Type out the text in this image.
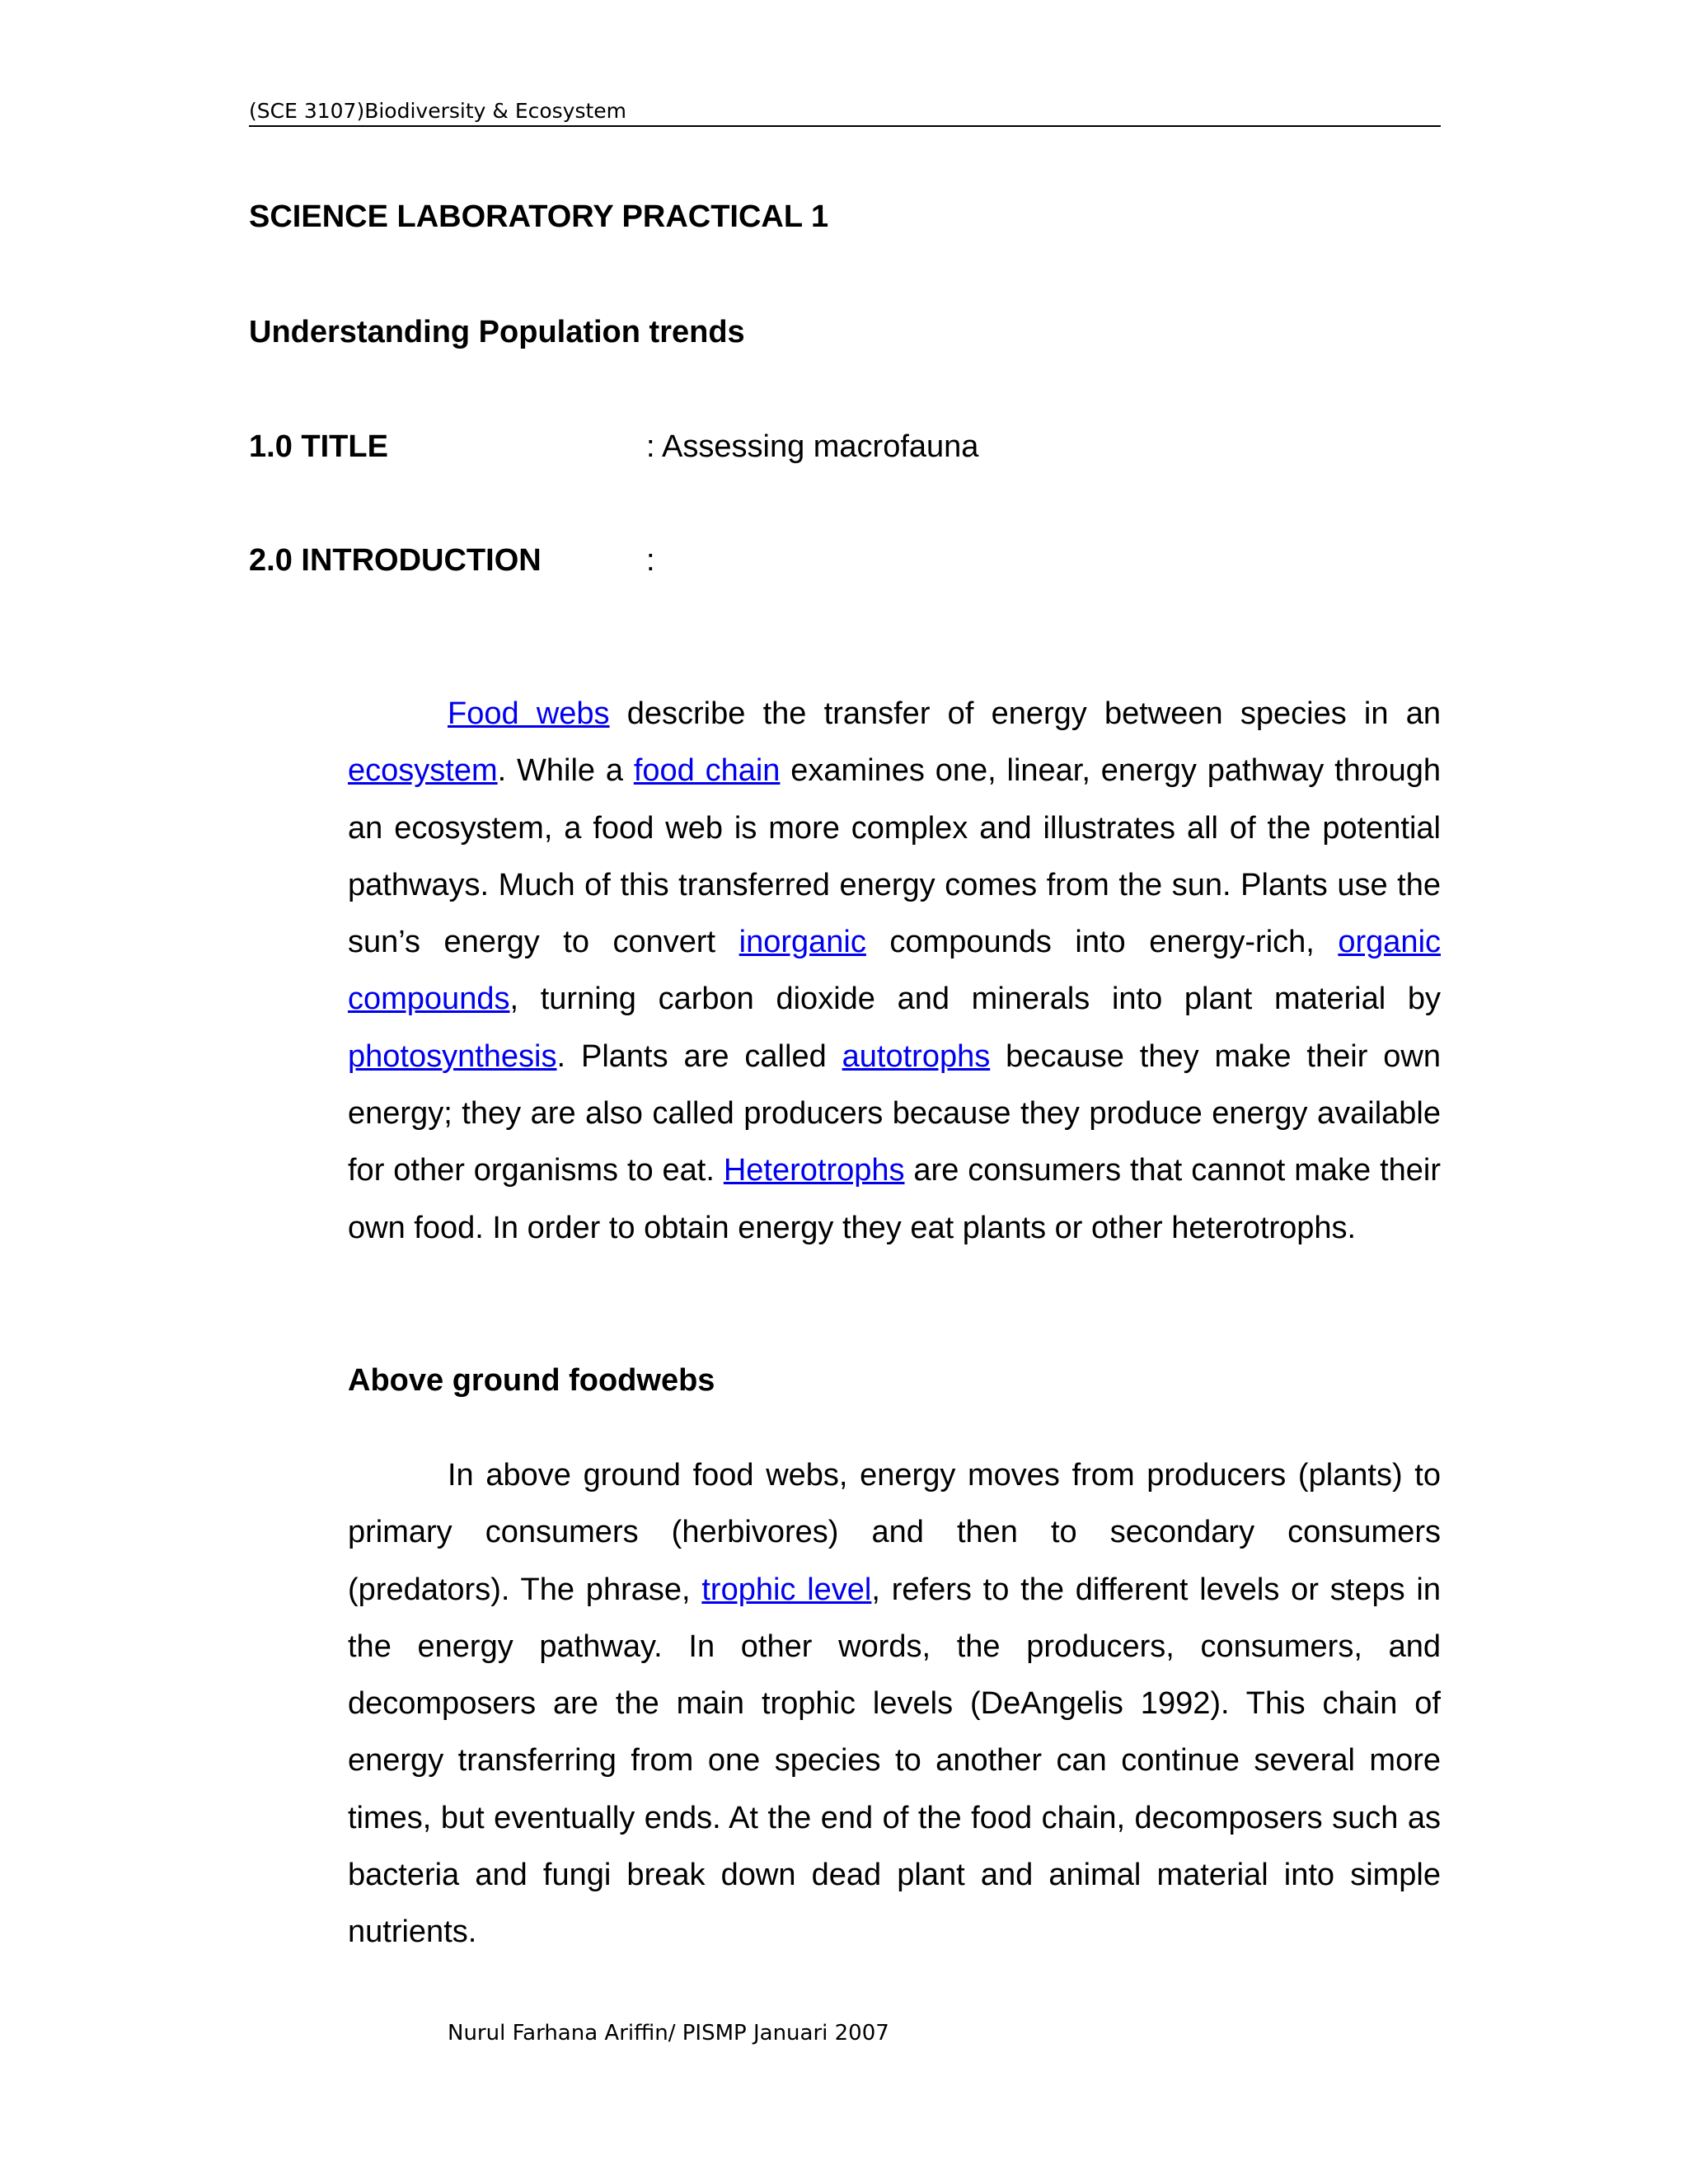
(SCE 3107)Biodiversity & Ecosystem
SCIENCE LABORATORY PRACTICAL 1
Understanding Population trends
1.0 TITLE	: Assessing macrofauna
2.0 INTRODUCTION	:

Food webs describe the transfer of energy between species in an ecosystem. While a food chain examines one, linear, energy pathway through an ecosystem, a food web is more complex and illustrates all of the potential pathways. Much of this transferred energy comes from the sun. Plants use the sun’s energy to convert inorganic compounds into energy-rich, organic compounds, turning carbon dioxide and minerals into plant material by photosynthesis. Plants are called autotrophs because they make their own energy; they are also called producers because they produce energy available for other organisms to eat. Heterotrophs are consumers that cannot make their own food. In order to obtain energy they eat plants or other heterotrophs.

Above ground foodwebs

In above ground food webs, energy moves from producers (plants) to primary consumers (herbivores) and then to secondary consumers (predators). The phrase, trophic level, refers to the different levels or steps in the energy pathway. In other words, the producers, consumers, and decomposers are the main trophic levels (DeAngelis 1992). This chain of energy transferring from one species to another can continue several more times, but eventually ends. At the end of the food chain, decomposers such as bacteria and fungi break down dead plant and animal material into simple nutrients.

Nurul Farhana Ariffin/ PISMP Januari 2007
